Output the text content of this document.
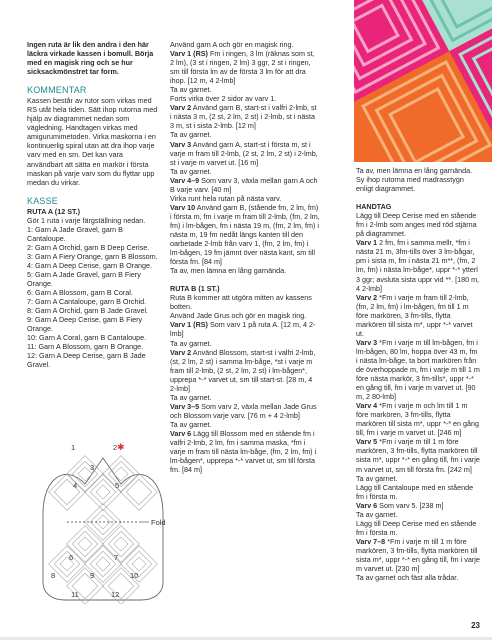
Ingen ruta är lik den andra i den här läckra virkade kassen i bomull. Börja med en magisk ring och se hur sicksackmönstret tar form.

KOMMENTAR

Kassen består av rutor som virkas med RS utåt hela tiden. Sätt ihop rutorna med hjälp av diagrammet nedan som vägledning. Handtagen virkas med amigurumimetoden. Virka maskorna i en kontinuerlig spiral utan att dra ihop varje varv med en sm. Det kan vara användbart att sätta en markör i första maskan på varje varv som du flyttar upp medan du virkar.

KASSE

RUTA A (12 ST.)

Gör 1 ruta i varje färgställning nedan.

1: Garn A Jade Gravel, garn B Cantaloupe.

2: Garn A Orchid, garn B Deep Cerise.

3: Garn A Fiery Orange, garn B Blossom.

4: Garn A Deep Cerise, garn B Orange.

5: Garn A Jade Gravel, garn B Fiery Orange.

6: Garn A Blossom, garn B Coral.

7: Garn A Cantaloupe, garn B Orchid.

8: Garn A Orchid, garn B Jade Gravel.

9: Garn A Deep Cerise, garn B Fiery Orange.

10: Garn A Coral, garn B Cantaloupe.

11: Garn A Blossom, garn B Orange.

12: Garn A Deep Cerise, garn B Jade Gravel.

Använd garn A och gör en magisk ring.

Varv 1 (RS) Fm i ringen, 3 lm (räknas som st, 2 lm), (3 st i ringen, 2 lm) 3 ggr, 2 st i ringen, sm till första lm av de första 3 lm för att dra ihop. [12 m, 4 2-lmb]

Ta av garnet.

Forts virka över 2 sidor av varv 1.

Varv 2 Använd garn B, start-st i valfri 2-lmb, st i nästa 3 m, (2 st, 2 lm, 2 st) i 2-lmb, st i nästa 3 m, st i sista 2-lmb. [12 m]

Ta av garnet.

Varv 3 Använd garn A, start-st i första m, st i varje m fram till 2-lmb, (2 st, 2 lm, 2 st) i 2-lmb, st i varje m varvet ut. [16 m]

Ta av garnet.

Varv 4–9 Som varv 3, växla mellan garn A och B varje varv. [40 m]

Virka runt hela rutan på nästa varv.

Varv 10 Använd garn B, (stående fm, 2 lm, fm) i första m, fm i varje m fram till 2-lmb, (fm, 2 lm, fm) i lm-bågen, fm i nästa 19 m, (fm, 2 lm, fm) i nästa m, 19 fm nedåt längs kanten till den oarbetade 2-lmb från varv 1, (fm, 2 lm, fm) i lm-bågen, 19 fm jämnt över nästa kant, sm till första fm. [84 m]

Ta av, men lämna en lång garnända.

RUTA B (1 ST.)

Ruta B kommer att utgöra mitten av kassens botten.

Använd Jade Grus och gör en magisk ring.

Varv 1 (RS) Som varv 1 på ruta A. [12 m, 4 2-lmb]

Ta av garnet.

Varv 2 Använd Blossom, start-st i valfri 2-lmb, (st, 2 lm, 2 st) i samma lm-båge, *st i varje m fram till 2-lmb, (2 st, 2 lm, 2 st) i lm-bågen*, upprepa *-* varvet ut, sm till start-st. [28 m, 4 2-lmb]

Ta av garnet.

Varv 3–5 Som varv 2, växla mellan Jade Grus och Blossom varje varv. [76 m + 4 2-lmb]

Ta av garnet.

Varv 6 Lägg till Blossom med en stående fm i valfri 2-lmb, 2 lm, fm i samma maska, *fm i varje m fram till nästa lm-båge, (fm, 2 lm, fm) i lm-bågen*, upprepa *-* varvet ut, sm till första fm. [84 m]

Ta av, men lämna en lång garnända.

Sy ihop rutorna med madrasstygn enligt diagrammet.

HANDTAG

Lägg till Deep Cerise med en stående fm i 2-lmb som anges med röd stjärna på diagrammet.

Varv 1 2 fm, fm i samma mellr, *fm i nästa 21 m, 3fm-tills över 3 lm-bågar, pm i sista m, fm i nästa 21 m**, (fm, 2 lm, fm) i nästa lm-båge*, uppr *-* ytterl 3 ggr; avsluta sista uppr vid **. [180 m, 4 2-lmb]

Varv 2 *Fm i varje m fram till 2-lmb, (fm, 2 lm, fm) i lm-bågen, fm till 1 m före markören, 3 fm-tills, flytta markören till sista m*, uppr *-* varvet ut.

Varv 3 *Fm i varje m till lm-bågen, fm i lm-bågen, 80 lm, hoppa över 43 m, fm i nästa lm-båge, ta bort markören från de överhoppade m, fm i varje m till 1 m före nästa markör, 3 fm-tills*, uppr *-* en gång till, fm i varje m varvet ut. [90 m, 2 80-lmb]

Varv 4 *Fm i varje m och lm till 1 m före markören, 3 fm-tills, flytta markören till sista m*, uppr *-* en gång till, fm i varje m varvet ut. [246 m]

Varv 5 *Fm i varje m till 1 m före markören, 3 fm-tills, flytta markören till sista m*, uppr *-* en gång till, fm i varje m varvet ut, sm till första fm. [242 m]

Ta av garnet.

Lägg till Cantaloupe med en stående fm i första m.

Varv 6 Som varv 5. [238 m]

Ta av garnet.

Lägg till Deep Cerise med en stående fm i första m.

Varv 7–8 *Fm i varje m till 1 m före markören, 3 fm-tills, flytta markören till sista m*, uppr *-* en gång till, fm i varje m varvet ut. [230 m]

Ta av garnet och fäst alla trådar.

Fold
✱
1	2
3
4	5
6	7
8	9	10
11	12
23
